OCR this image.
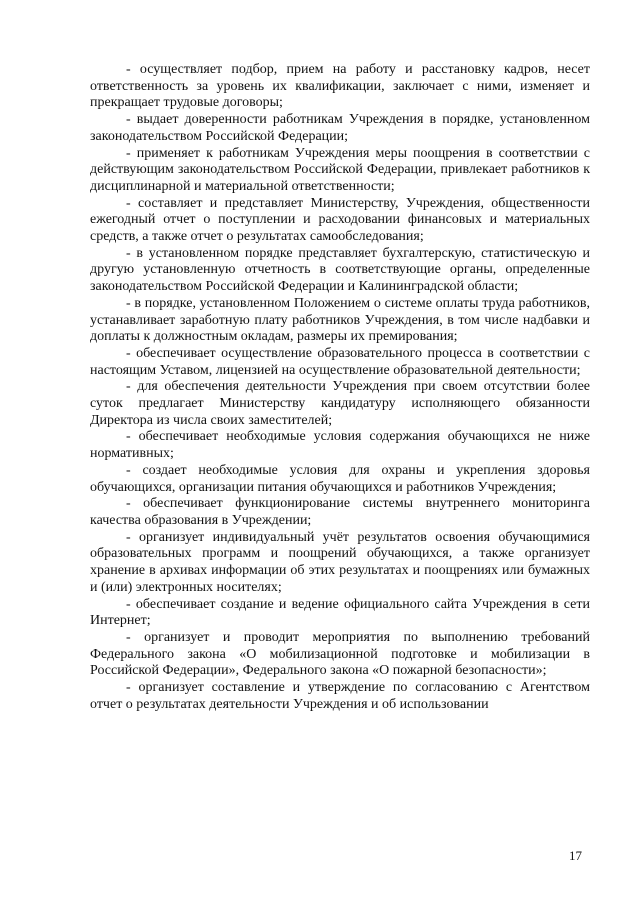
- осуществляет подбор, прием на работу и расстановку кадров, несет ответственность за уровень их квалификации, заключает с ними, изменяет и прекращает трудовые договоры;

- выдает доверенности работникам Учреждения в порядке, установленном законодательством Российской Федерации;

- применяет к работникам Учреждения меры поощрения в соответствии с действующим законодательством Российской Федерации, привлекает работников к дисциплинарной и материальной ответственности;

- составляет и представляет Министерству, Учреждения, общественности ежегодный отчет о поступлении и расходовании финансовых и материальных средств, а также отчет о результатах самообследования;

- в установленном порядке представляет бухгалтерскую, статистическую и другую установленную отчетность в соответствующие органы, определенные законодательством Российской Федерации и Калининградской области;

- в порядке, установленном Положением о системе оплаты труда работников, устанавливает заработную плату работников Учреждения, в том числе надбавки и доплаты к должностным окладам, размеры их премирования;

- обеспечивает осуществление образовательного процесса в соответствии с настоящим Уставом, лицензией на осуществление образовательной деятельности;

- для обеспечения деятельности Учреждения при своем отсутствии более суток предлагает Министерству кандидатуру исполняющего обязанности Директора из числа своих заместителей;

- обеспечивает необходимые условия содержания обучающихся не ниже нормативных;

- создает необходимые условия для охраны и укрепления здоровья обучающихся, организации питания обучающихся и работников Учреждения;

- обеспечивает функционирование системы внутреннего мониторинга качества образования в Учреждении;

- организует индивидуальный учёт результатов освоения обучающимися образовательных программ и поощрений обучающихся, а также организует хранение в архивах информации об этих результатах и поощрениях или бумажных и (или) электронных носителях;

- обеспечивает создание и ведение официального сайта Учреждения в сети Интернет;

- организует и проводит мероприятия по выполнению требований Федерального закона «О мобилизационной подготовке и мобилизации в Российской Федерации», Федерального закона «О пожарной безопасности»;

- организует составление и утверждение по согласованию с Агентством отчет о результатах деятельности Учреждения и об использовании

17
